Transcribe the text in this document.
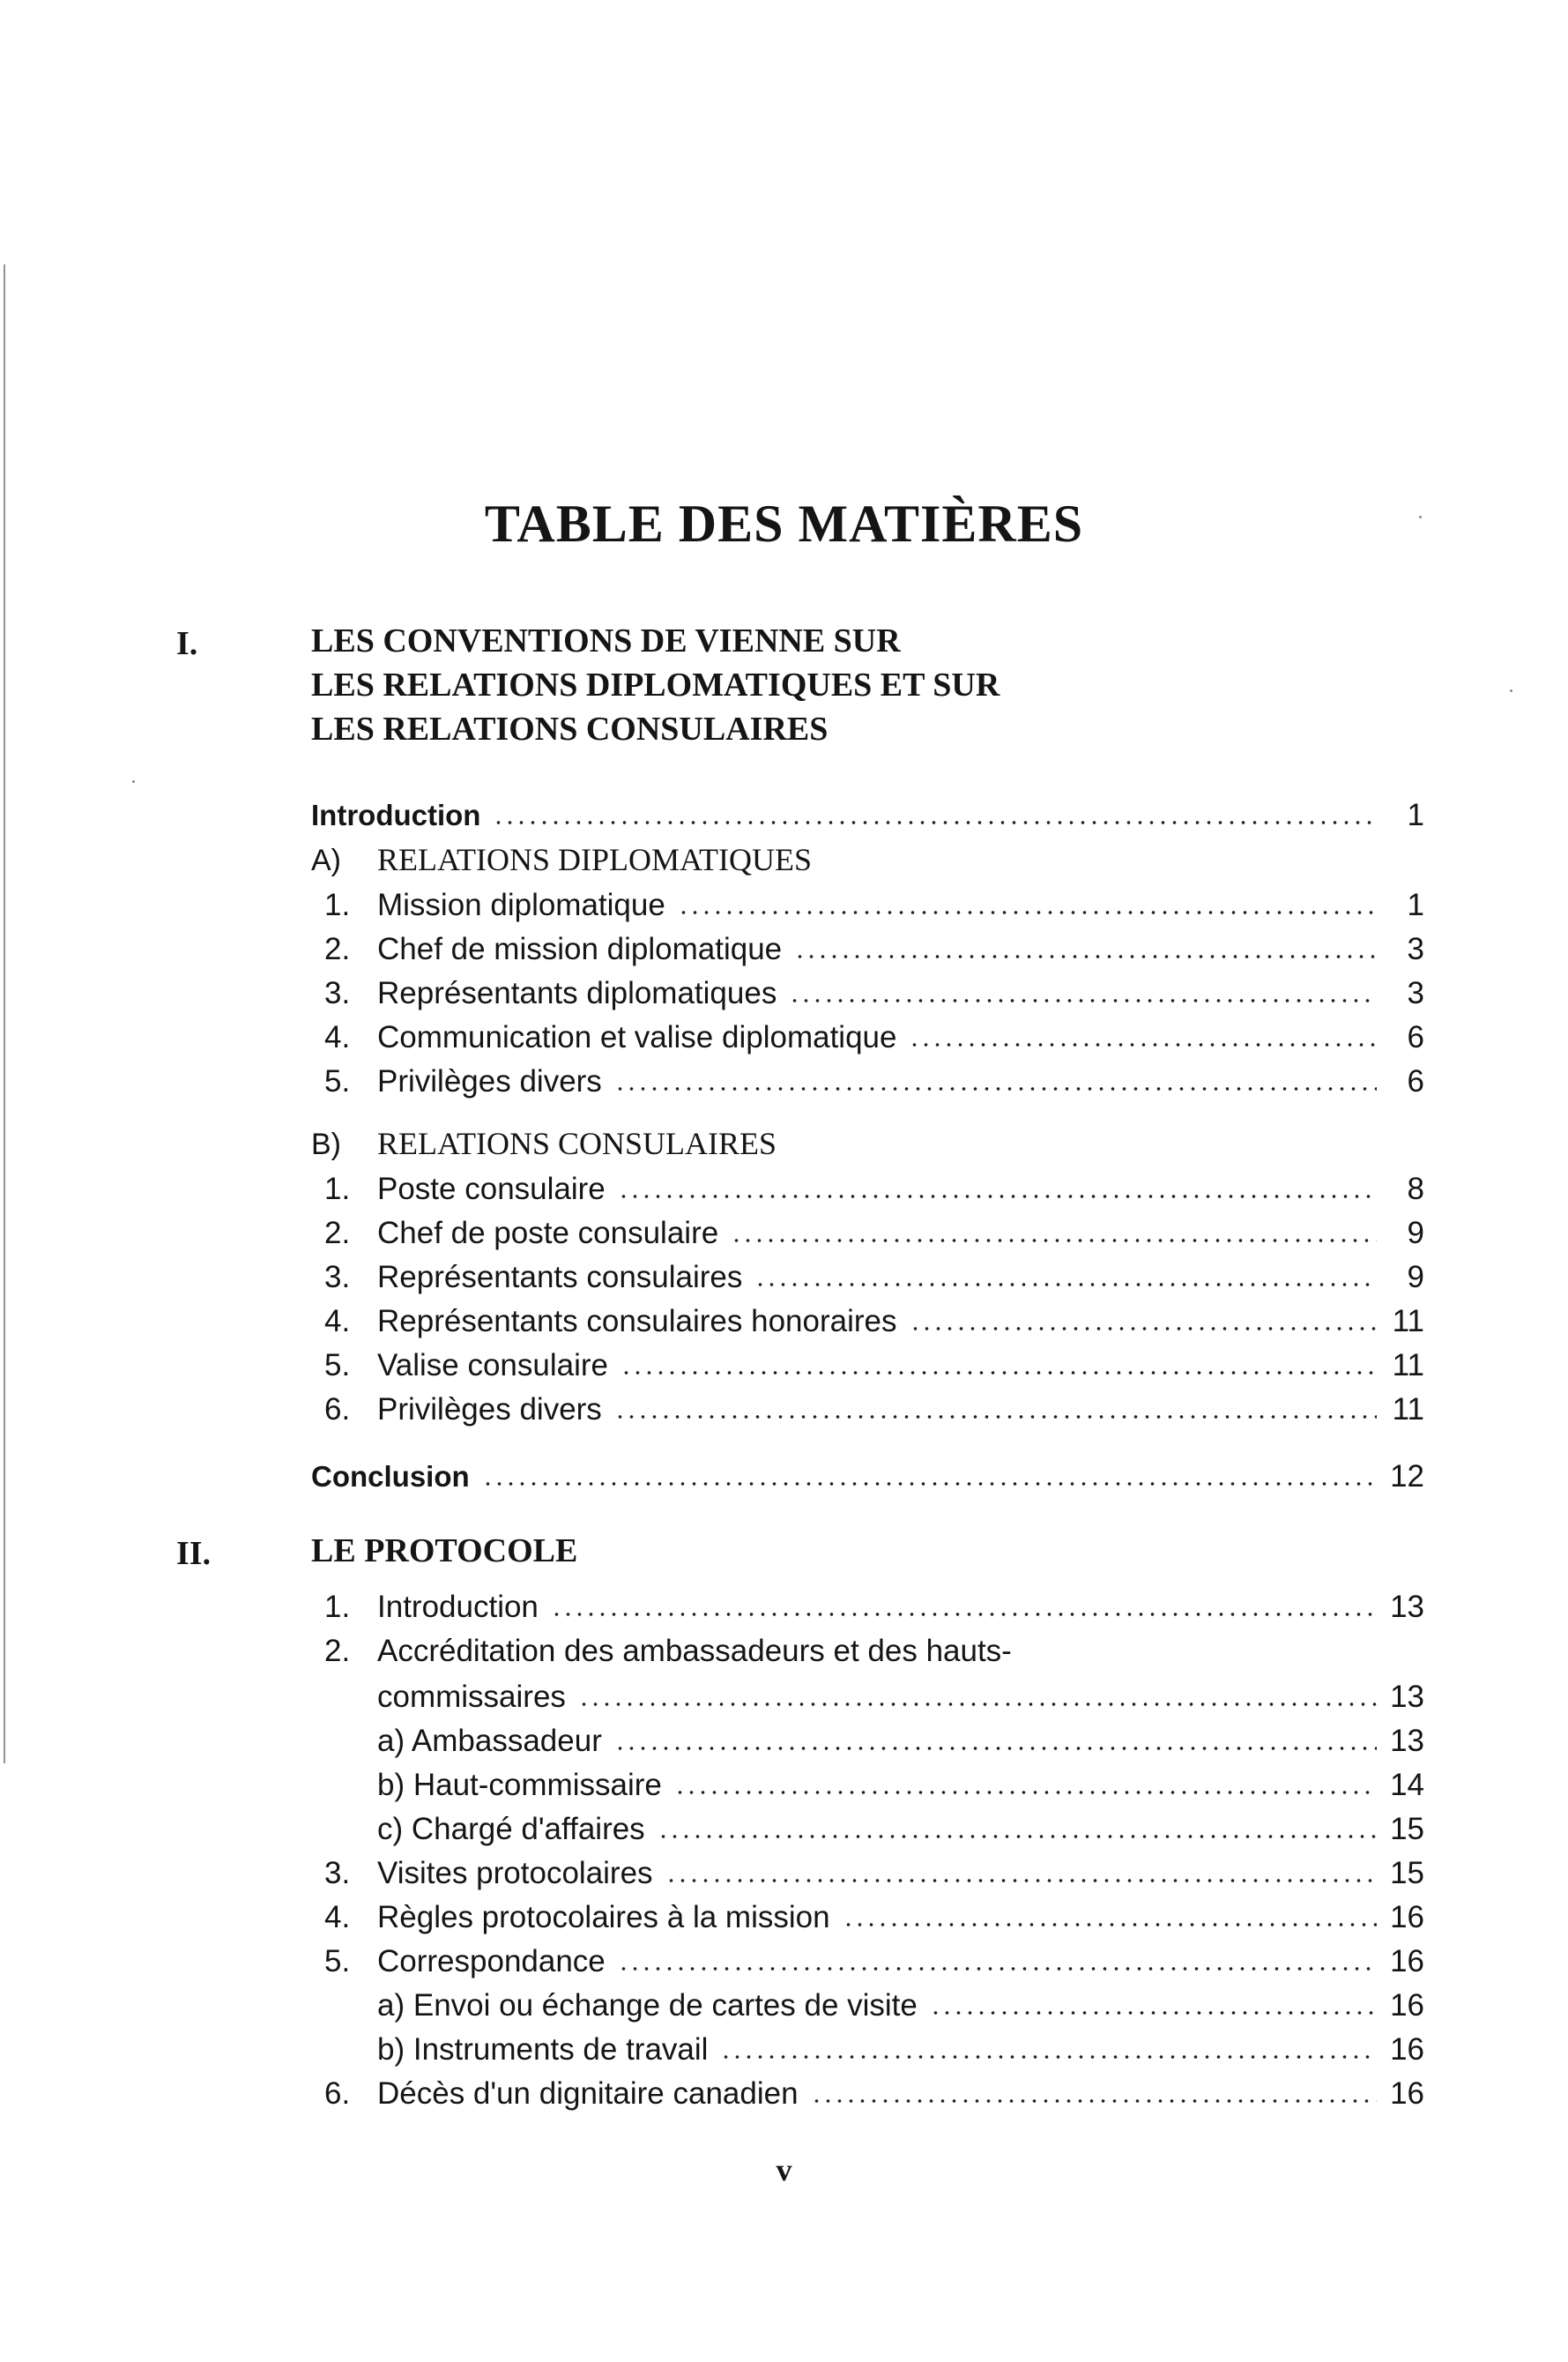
TABLE DES MATIÈRES
I.	LES CONVENTIONS DE VIENNE SUR
LES RELATIONS DIPLOMATIQUES ET SUR
LES RELATIONS CONSULAIRES
Introduction	1
A) RELATIONS DIPLOMATIQUES
1. Mission diplomatique	1
2. Chef de mission diplomatique	3
3. Représentants diplomatiques	3
4. Communication et valise diplomatique	6
5. Privilèges divers	6
B) RELATIONS CONSULAIRES
1. Poste consulaire	8
2. Chef de poste consulaire	9
3. Représentants consulaires	9
4. Représentants consulaires honoraires	11
5. Valise consulaire	11
6. Privilèges divers	11
Conclusion	12
II.	LE PROTOCOLE
1. Introduction	13
2. Accréditation des ambassadeurs et des hauts-
commissaires	13
a) Ambassadeur	13
b) Haut-commissaire	14
c) Chargé d'affaires	15
3. Visites protocolaires	15
4. Règles protocolaires à la mission	16
5. Correspondance	16
a) Envoi ou échange de cartes de visite	16
b) Instruments de travail	16
6. Décès d'un dignitaire canadien	16
v
